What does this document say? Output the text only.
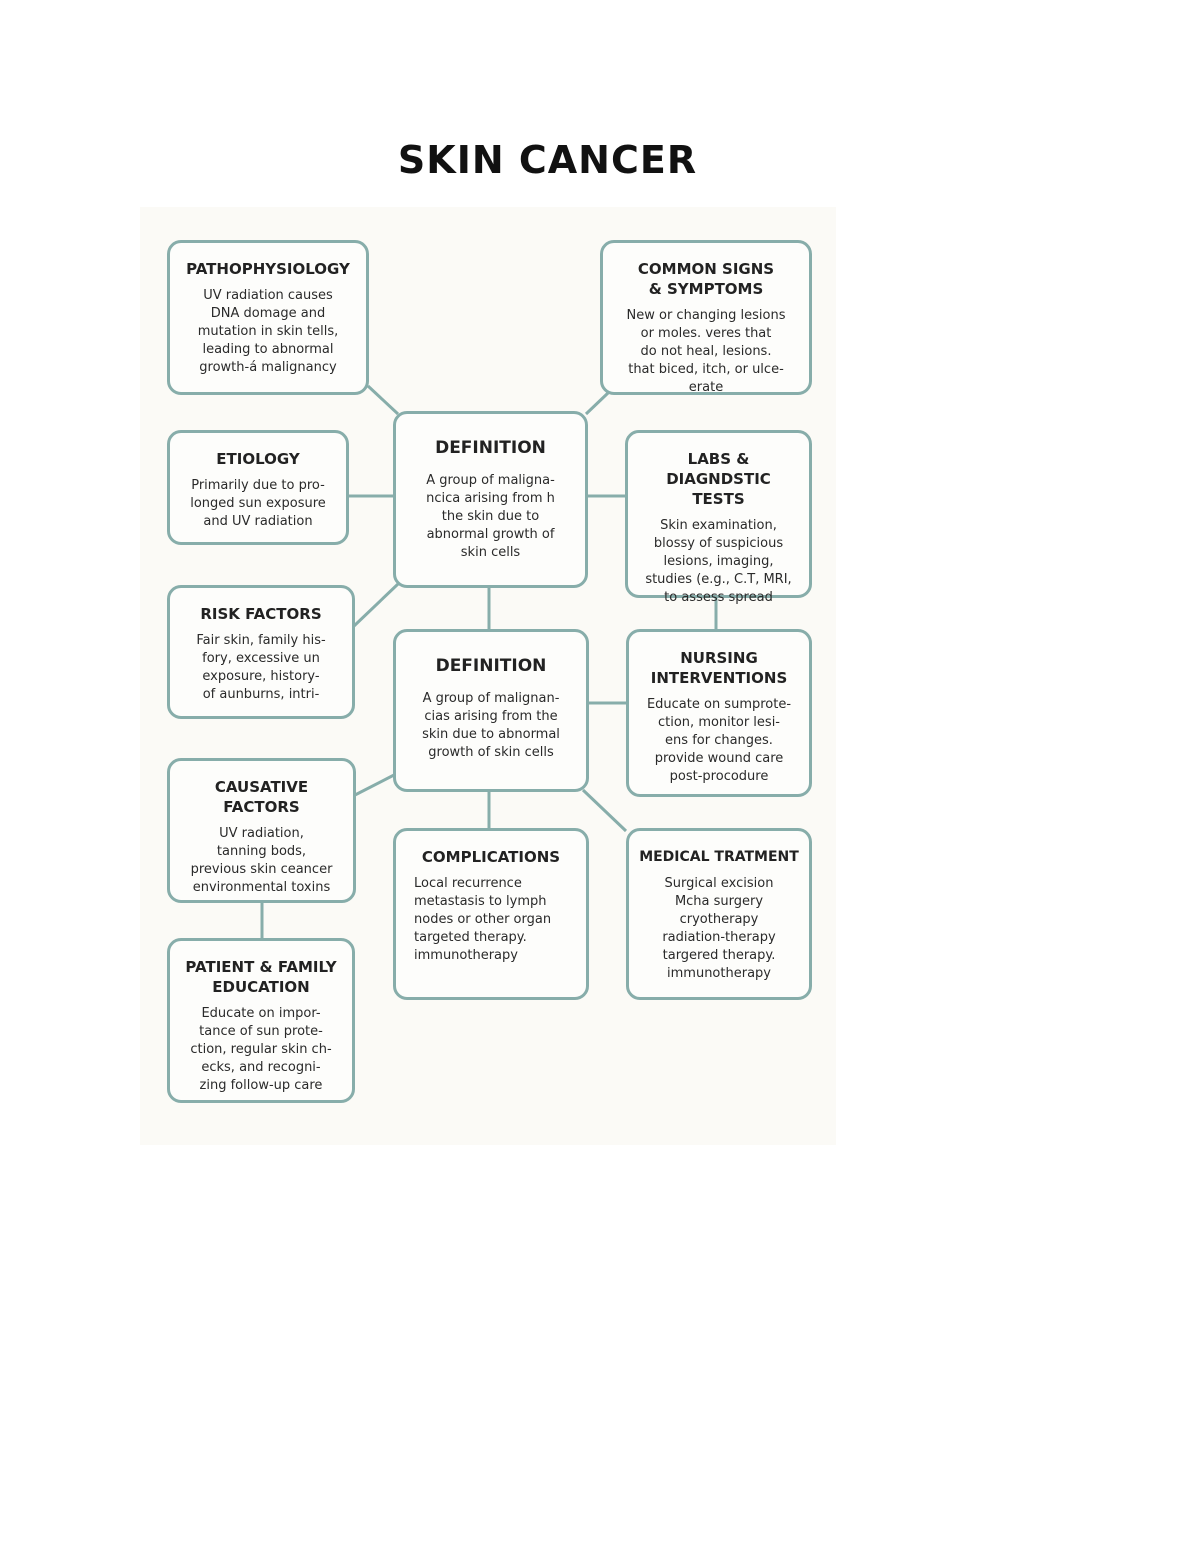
SKIN CANCER
PATHOPHYSIOLOGY
UV radiation causes
DNA domage and
mutation in skin tells,
leading to abnormal
growth-á malignancy
COMMON SIGNS
& SYMPTOMS
New or changing lesions
or moles. veres that
do not heal, lesions.
that biced, itch, or ulce-
erate
ETIOLOGY
Primarily due to pro-
longed sun exposure
and UV radiation
DEFINITION
A group of maligna-
ncica arising from h
the skin due to
abnormal growth of
skin cells
LABS &
DIAGNDSTIC TESTS
Skin examination,
blossy of suspicious
lesions, imaging,
studies (e.g., C.T, MRI,
to assess spread
RISK FACTORS
Fair skin, family his-
fory, excessive un
exposure, history-
of aunburns, intri-
DEFINITION
A group of malignan-
cias arising from the
skin due to abnormal
growth of skin cells
NURSING
INTERVENTIONS
Educate on sumprote-
ction, monitor lesi-
ens for changes.
provide wound care
post-procodure
CAUSATIVE
FACTORS
UV radiation,
tanning bods,
previous skin ceancer
environmental toxins
COMPLICATIONS
Local recurrence
metastasis to lymph
nodes or other organ
targeted therapy.
immunotherapy
MEDICAL TRATMENT
Surgical excision
Mcha surgery
cryotherapy
radiation-therapy
targered therapy.
immunotherapy
PATIENT & FAMILY
EDUCATION
Educate on impor-
tance of sun prote-
ction, regular skin ch-
ecks, and recogni-
zing follow-up care
